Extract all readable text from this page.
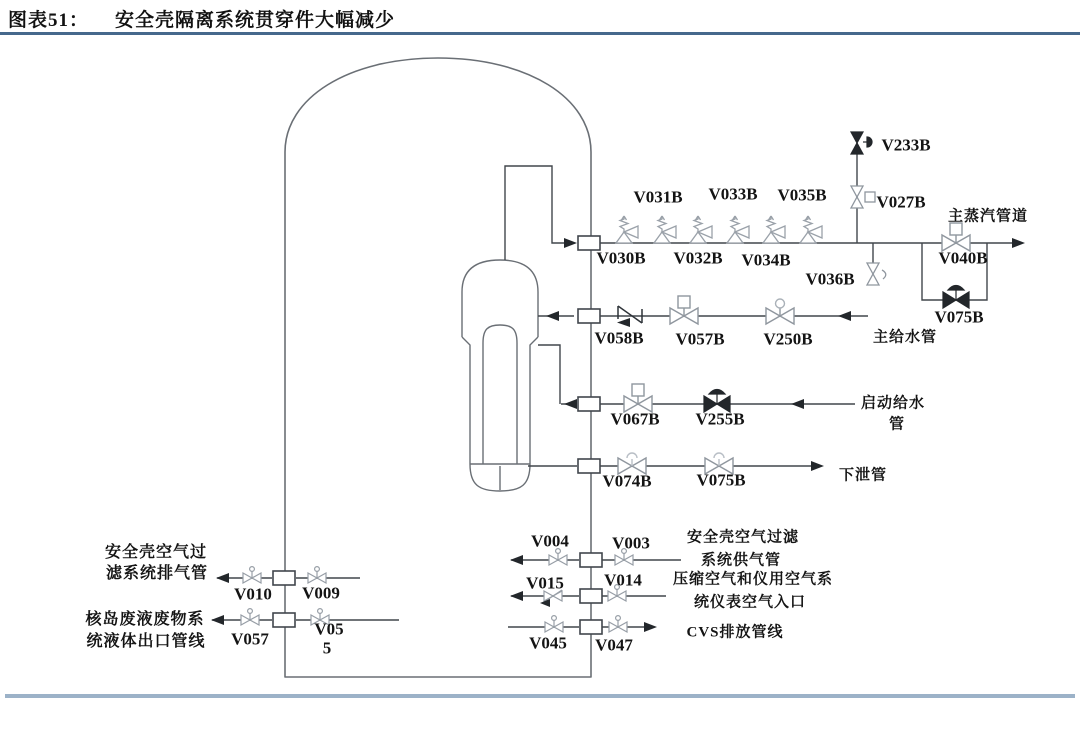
图表51： 安全壳隔离系统贯穿件大幅减少
V233B
V027B
V031B V033B V035B
V030B V032B V034B
V036B
主蒸汽管道
V040B
V075B
V058B V057B V250B	主给水管
V067B V255B
启动给水
管
V074B	V075B	下泄管
V004	V003 安全壳空气过滤
系统供气管
V015 V014 压缩空气和仪用空气系
统仪表空气入口
V045 V047
CVS排放管线
安全壳空气过
滤系统排气管
V010 V009
核岛废液废物系
统液体出口管线 V057
V05
5
